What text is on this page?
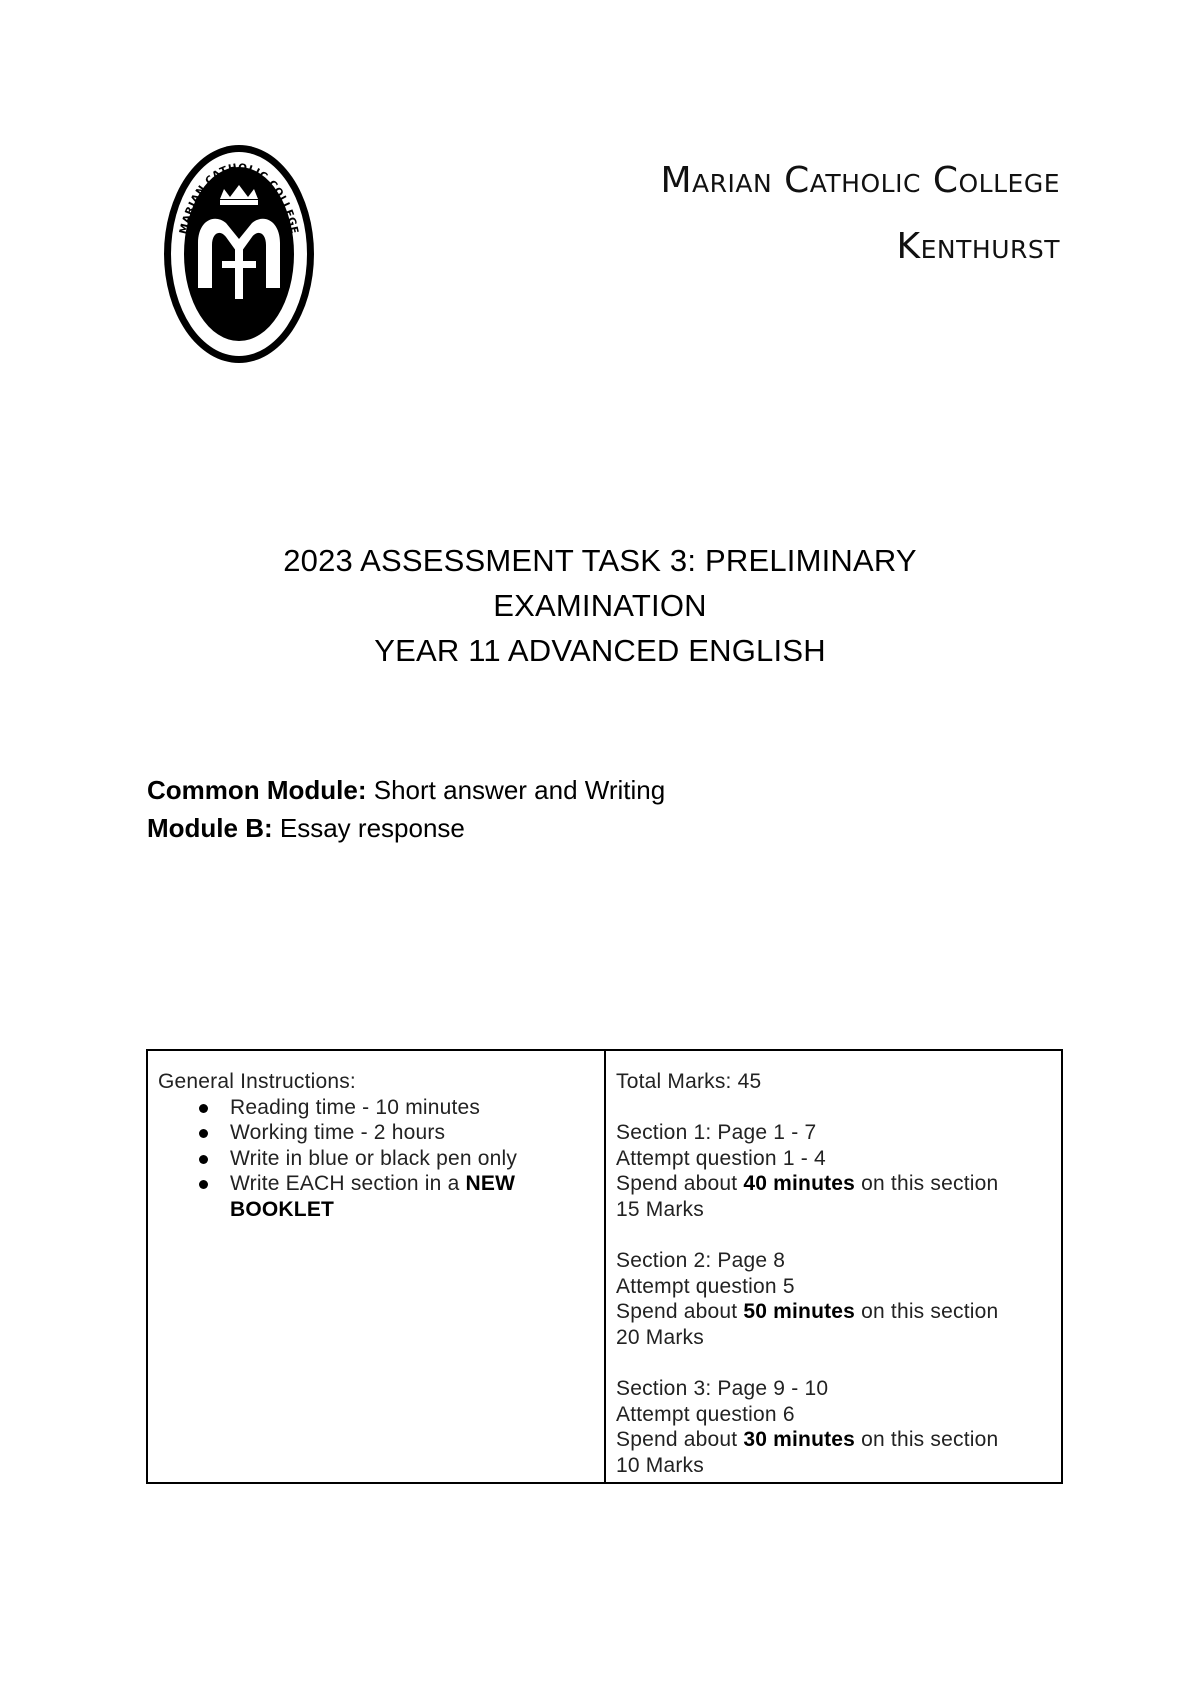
MARIAN CATHOLIC COLLEGE
WALK WITH CHRIST
Marian Catholic College
Kenthurst
2023 ASSESSMENT TASK 3: PRELIMINARY
EXAMINATION
YEAR 11 ADVANCED ENGLISH
Common Module: Short answer and Writing
Module B: Essay response
General Instructions:
Reading time - 10 minutes
Working time - 2 hours
Write in blue or black pen only
Write EACH section in a NEW BOOKLET
Total Marks: 45
Section 1: Page 1 - 7
Attempt question 1 - 4
Spend about 40 minutes on this section
15 Marks
Section 2: Page 8
Attempt question 5
Spend about 50 minutes on this section
20 Marks
Section 3: Page 9 - 10
Attempt question 6
Spend about 30 minutes on this section
10 Marks
